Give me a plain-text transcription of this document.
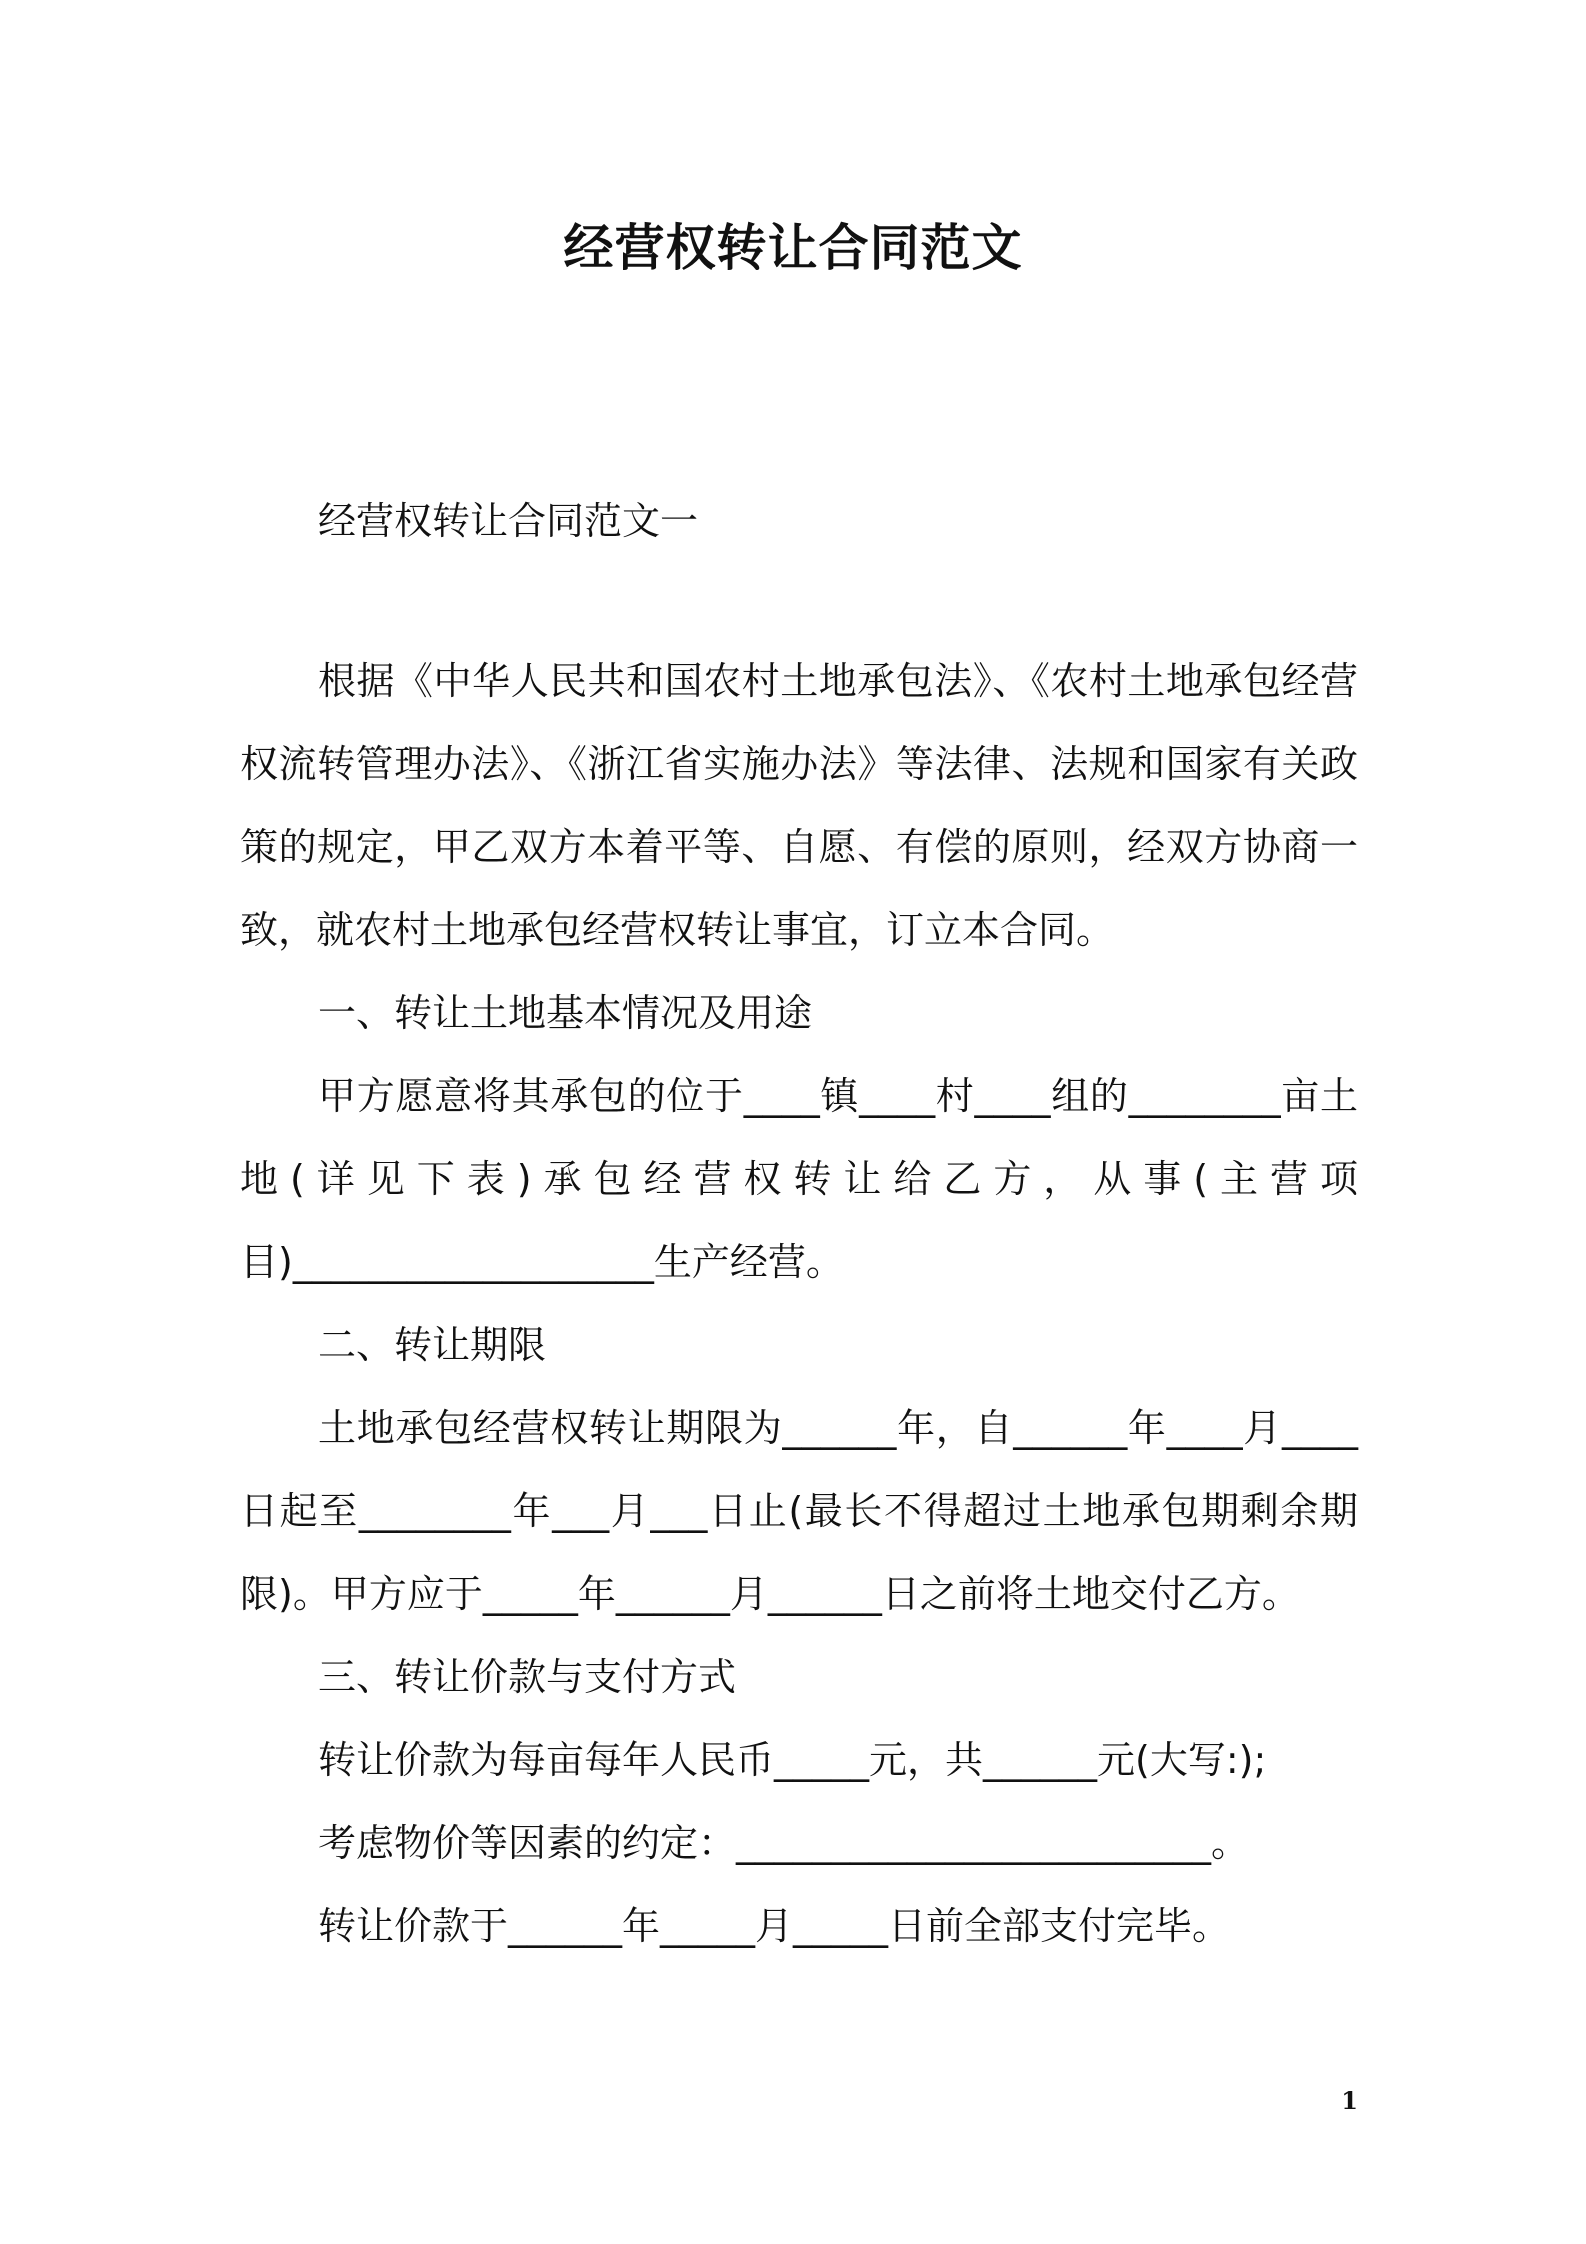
经营权转让合同范文
经营权转让合同范文一

根据《中华人民共和国农村土地承包法》、《农村土地承包经营权流转管理办法》、《浙江省实施办法》等法律、法规和国家有关政策的规定，甲乙双方本着平等、自愿、有偿的原则，经双方协商一致，就农村土地承包经营权转让事宜，订立本合同。

一、转让土地基本情况及用途

甲方愿意将其承包的位于____镇____村____组的________亩土地(详见下表)承包经营权转让给乙方，从事(主营项目)___________________生产经营。

二、转让期限

土地承包经营权转让期限为______年，自______年____月____日起至________年___月___日止(最长不得超过土地承包期剩余期限)。甲方应于_____年______月______日之前将土地交付乙方。

三、转让价款与支付方式

转让价款为每亩每年人民币_____元，共______元(大写:);

考虑物价等因素的约定：_________________________。

转让价款于______年_____月_____日前全部支付完毕。

1
